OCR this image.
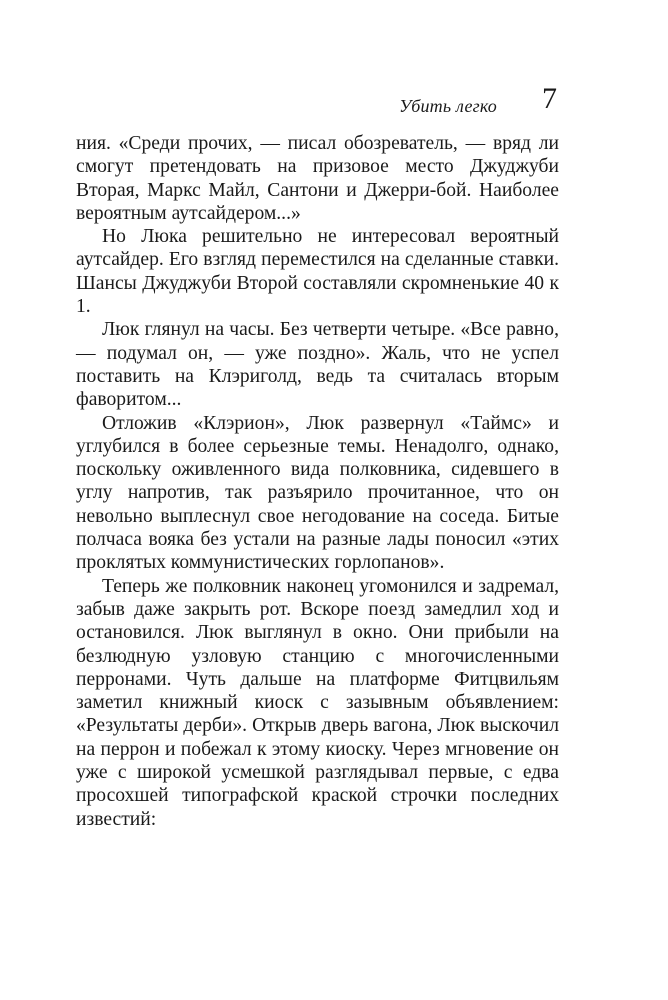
Убить легко 7

ния. «Среди прочих, — писал обозреватель, — вряд ли смогут претендовать на призовое место Джуджуби Вторая, Маркс Майл, Сантони и Джерри-бой. Наиболее вероятным аутсайдером...»

Но Люка решительно не интересовал вероятный аутсайдер. Его взгляд переместился на сделанные ставки. Шансы Джуджуби Второй составляли скромненькие 40 к 1.

Люк глянул на часы. Без четверти четыре. «Все равно, — подумал он, — уже поздно». Жаль, что не успел поставить на Клэриголд, ведь та считалась вторым фаворитом...

Отложив «Клэрион», Люк развернул «Таймс» и углубился в более серьезные темы. Ненадолго, однако, поскольку оживленного вида полковника, сидевшего в углу напротив, так разъярило прочитанное, что он невольно выплеснул свое негодование на соседа. Битые полчаса вояка без устали на разные лады поносил «этих проклятых коммунистических горлопанов».

Теперь же полковник наконец угомонился и задремал, забыв даже закрыть рот. Вскоре поезд замедлил ход и остановился. Люк выглянул в окно. Они прибыли на безлюдную узловую станцию с многочисленными перронами. Чуть дальше на платформе Фитцвильям заметил книжный киоск с зазывным объявлением: «Результаты дерби». Открыв дверь вагона, Люк выскочил на перрон и побежал к этому киоску. Через мгновение он уже с широкой усмешкой разглядывал первые, с едва просохшей типографской краской строчки последних известий:
